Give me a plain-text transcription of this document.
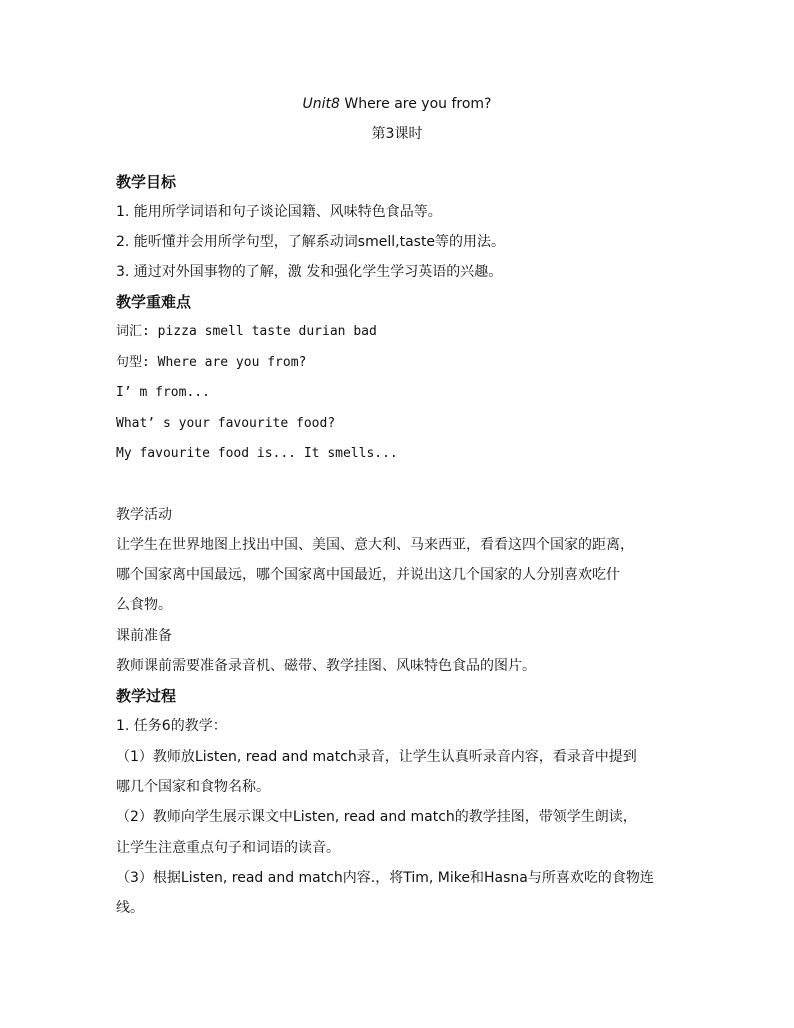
Unit8 Where are you from?
第3课时
教学目标
1. 能用所学词语和句子谈论国籍、风味特色食品等。
2. 能听懂并会用所学句型，了解系动词smell,taste等的用法。
3. 通过对外国事物的了解，激 发和强化学生学习英语的兴趣。
教学重难点
词汇: pizza smell taste durian bad
句型: Where are you from?
I’ m from...
What’ s your favourite food?
My favourite food is... It smells...
教学活动
让学生在世界地图上找出中国、美国、意大利、马来西亚，看看这四个国家的距离，
哪个国家离中国最远，哪个国家离中国最近，并说出这几个国家的人分别喜欢吃什
么食物。
课前准备
教师课前需要准备录音机、磁带、教学挂图、风味特色食品的图片。
教学过程
1. 任务6的教学：
（1）教师放Listen, read and match录音，让学生认真听录音内容，看录音中提到
哪几个国家和食物名称。
（2）教师向学生展示课文中Listen, read and match的教学挂图，带领学生朗读，
让学生注意重点句子和词语的读音。
（3）根据Listen, read and match内容.，将Tim, Mike和Hasna与所喜欢吃的食物连
线。
